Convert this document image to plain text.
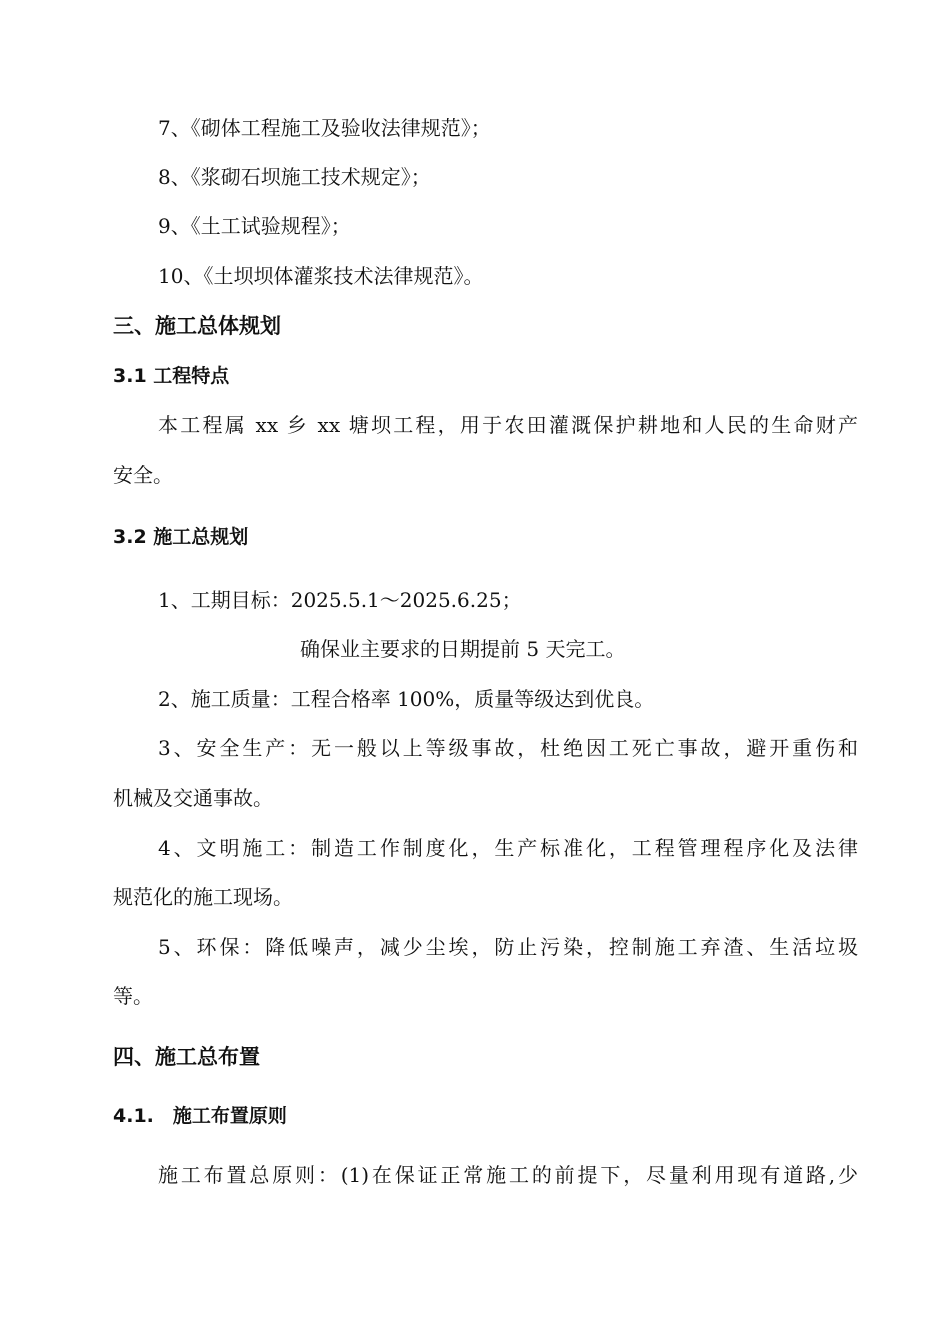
7、《砌体工程施工及验收法律规范》；
8、《浆砌石坝施工技术规定》；
9、《土工试验规程》；
10、《土坝坝体灌浆技术法律规范》。
三、施工总体规划
3.1 工程特点
本工程属 xx 乡 xx 塘坝工程，用于农田灌溉保护耕地和人民的生命财产
安全。
3.2 施工总规划
1、工期目标：2025.5.1～2025.6.25；
确保业主要求的日期提前 5 天完工。
2、施工质量：工程合格率 100%，质量等级达到优良。
3、安全生产：无一般以上等级事故，杜绝因工死亡事故，避开重伤和
机械及交通事故。
4、文明施工：制造工作制度化，生产标准化，工程管理程序化及法律
规范化的施工现场。
5、环保：降低噪声，减少尘埃，防止污染，控制施工弃渣、生活垃圾
等。
四、施工总布置
4.1.　施工布置原则
施工布置总原则：(1)在保证正常施工的前提下，尽量利用现有道路,少
